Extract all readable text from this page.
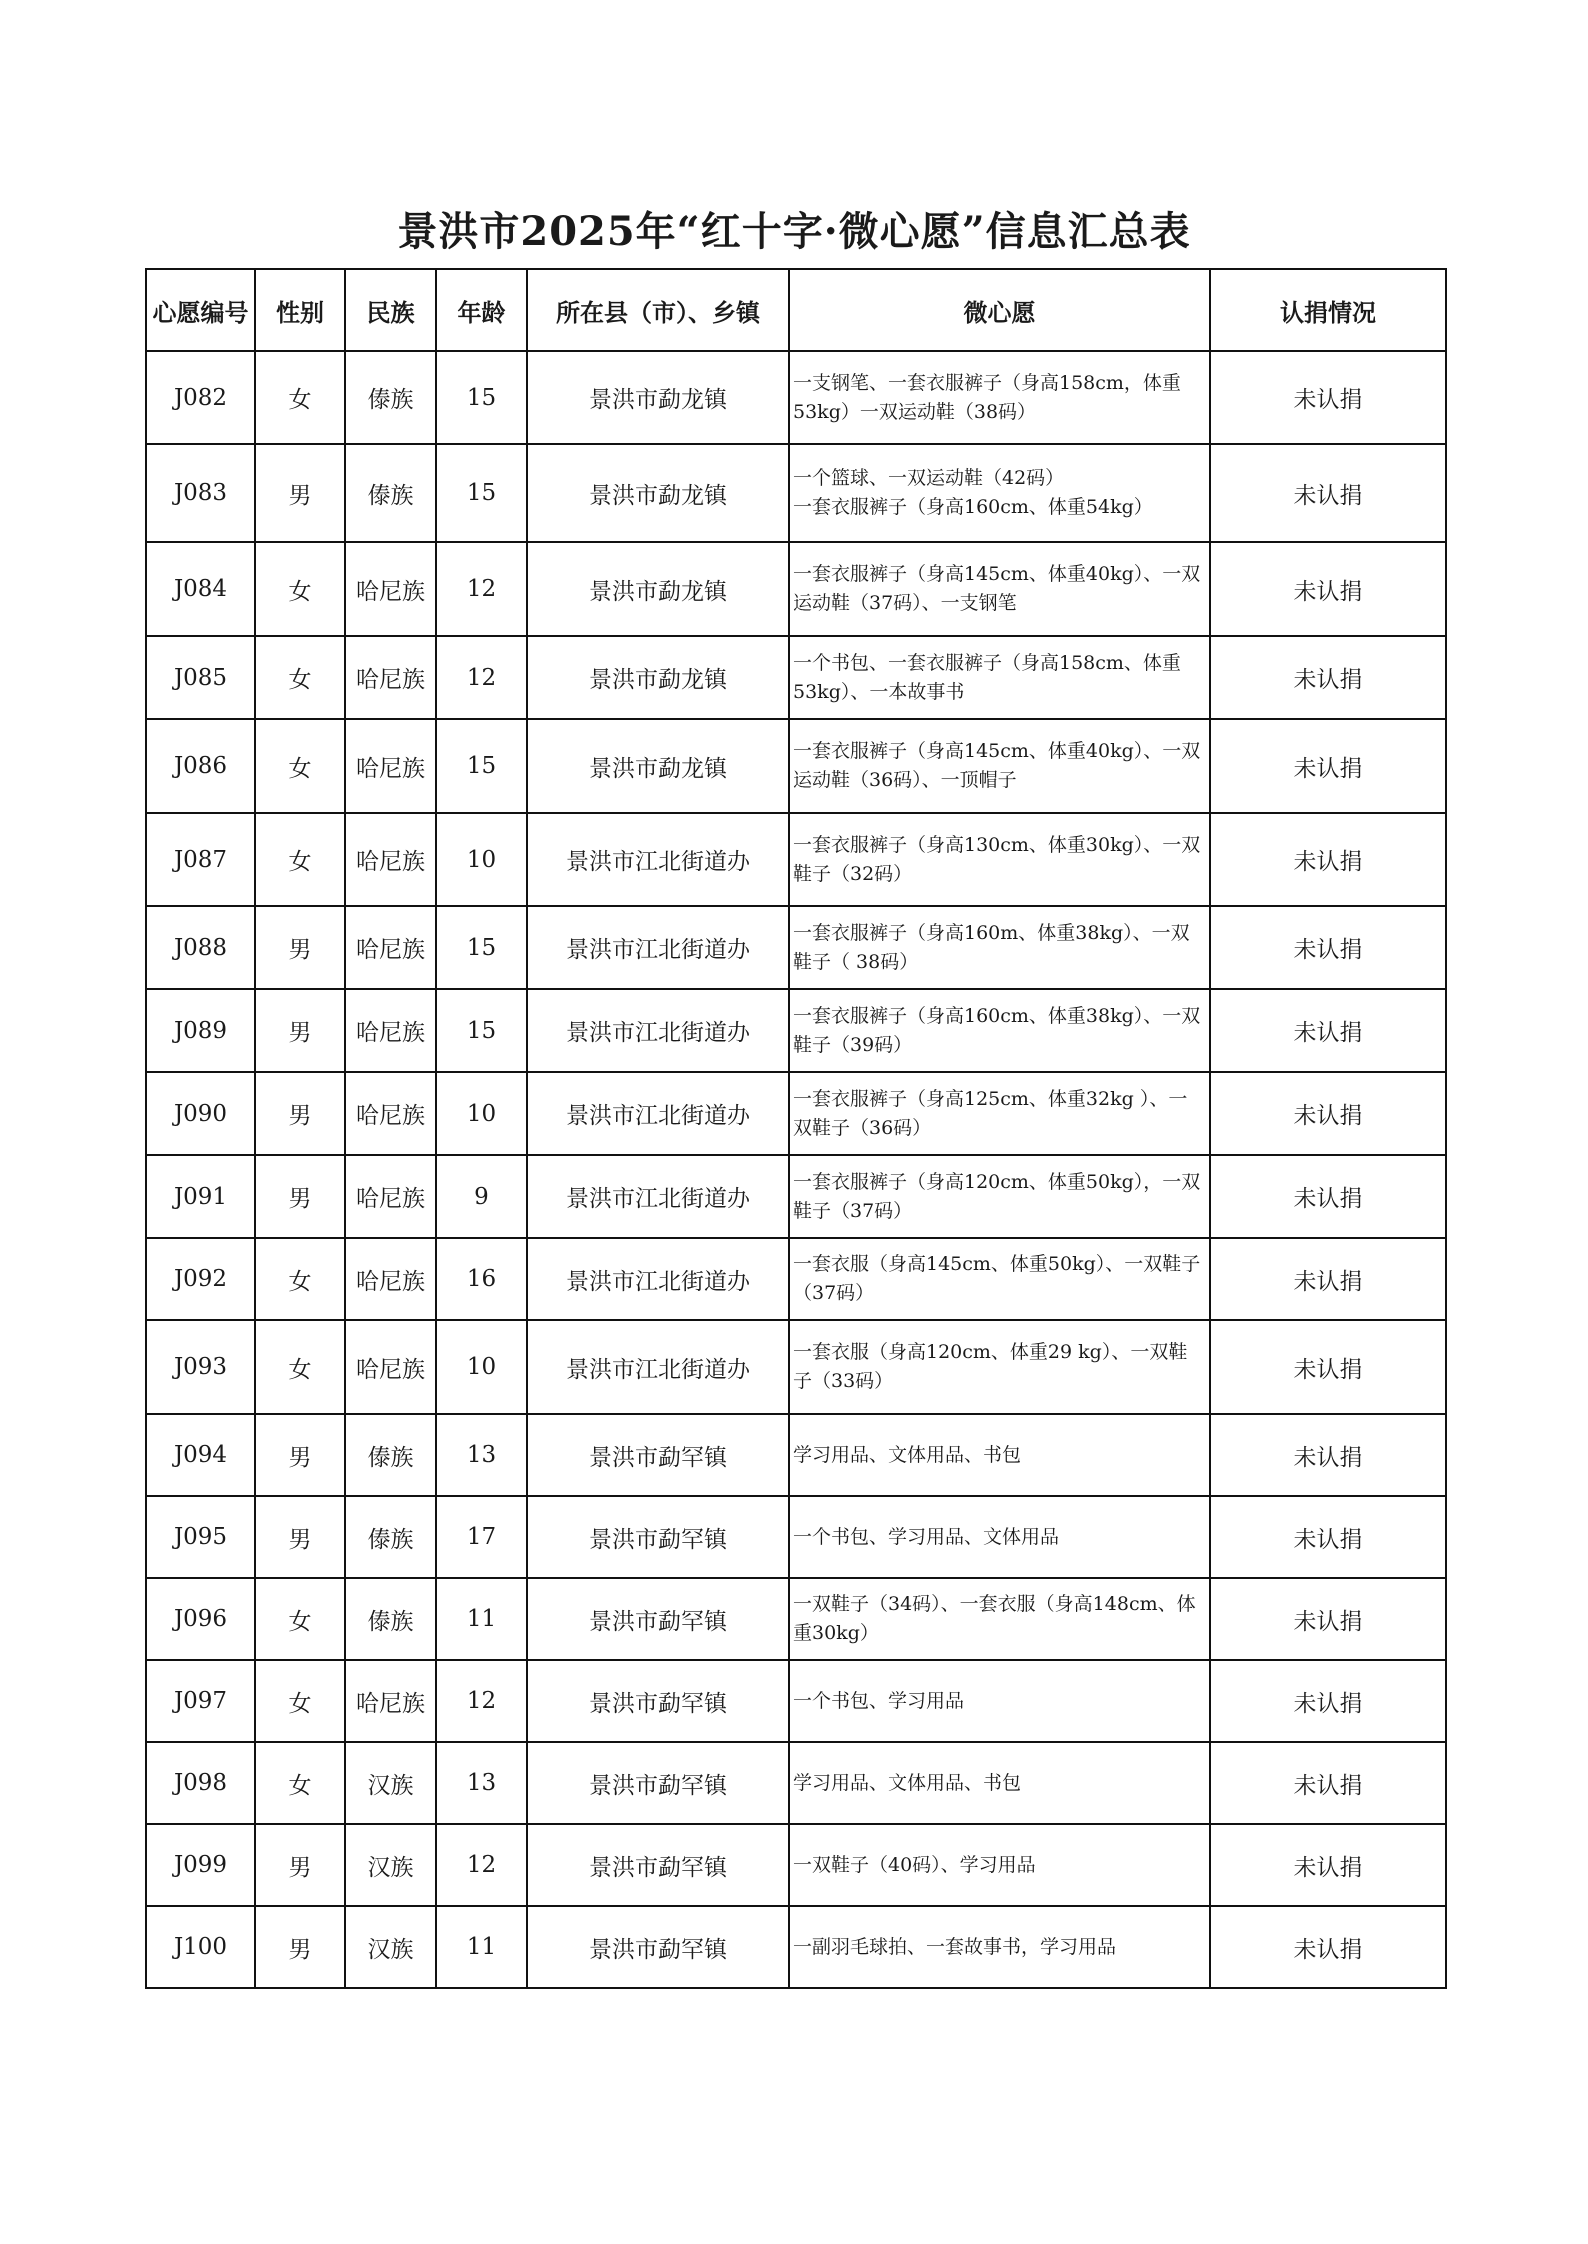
景洪市2025年“红十字·微心愿”信息汇总表
心愿编号	性别	民族	年龄	所在县（市）、乡镇	微心愿	认捐情况
J082	女	傣族	15	景洪市勐龙镇	一支钢笔、一套衣服裤子（身高158cm，体重53kg）一双运动鞋（38码）	未认捐
J083	男	傣族	15	景洪市勐龙镇	一个篮球、一双运动鞋（42码）
一套衣服裤子（身高160cm、体重54kg）	未认捐
J084	女	哈尼族	12	景洪市勐龙镇	一套衣服裤子（身高145cm、体重40kg）、一双运动鞋（37码）、一支钢笔	未认捐
J085	女	哈尼族	12	景洪市勐龙镇	一个书包、一套衣服裤子（身高158cm、体重53kg）、一本故事书	未认捐
J086	女	哈尼族	15	景洪市勐龙镇	一套衣服裤子（身高145cm、体重40kg）、一双运动鞋（36码）、一顶帽子	未认捐
J087	女	哈尼族	10	景洪市江北街道办	一套衣服裤子（身高130cm、体重30kg）、一双鞋子（32码）	未认捐
J088	男	哈尼族	15	景洪市江北街道办	一套衣服裤子（身高160m、体重38kg）、一双鞋子（ 38码）	未认捐
J089	男	哈尼族	15	景洪市江北街道办	一套衣服裤子（身高160cm、体重38kg）、一双鞋子（39码）	未认捐
J090	男	哈尼族	10	景洪市江北街道办	一套衣服裤子（身高125cm、体重32kg ）、一双鞋子（36码）	未认捐
J091	男	哈尼族	9	景洪市江北街道办	一套衣服裤子（身高120cm、体重50kg），一双鞋子（37码）	未认捐
J092	女	哈尼族	16	景洪市江北街道办	一套衣服（身高145cm、体重50kg）、一双鞋子（37码）	未认捐
J093	女	哈尼族	10	景洪市江北街道办	一套衣服（身高120cm、体重29 kg）、一双鞋子（33码）	未认捐
J094	男	傣族	13	景洪市勐罕镇	学习用品、文体用品、书包	未认捐
J095	男	傣族	17	景洪市勐罕镇	一个书包、学习用品、文体用品	未认捐
J096	女	傣族	11	景洪市勐罕镇	一双鞋子（34码）、一套衣服（身高148cm、体重30kg）	未认捐
J097	女	哈尼族	12	景洪市勐罕镇	一个书包、学习用品	未认捐
J098	女	汉族	13	景洪市勐罕镇	学习用品、文体用品、书包	未认捐
J099	男	汉族	12	景洪市勐罕镇	一双鞋子（40码）、学习用品	未认捐
J100	男	汉族	11	景洪市勐罕镇	一副羽毛球拍、一套故事书，学习用品	未认捐
